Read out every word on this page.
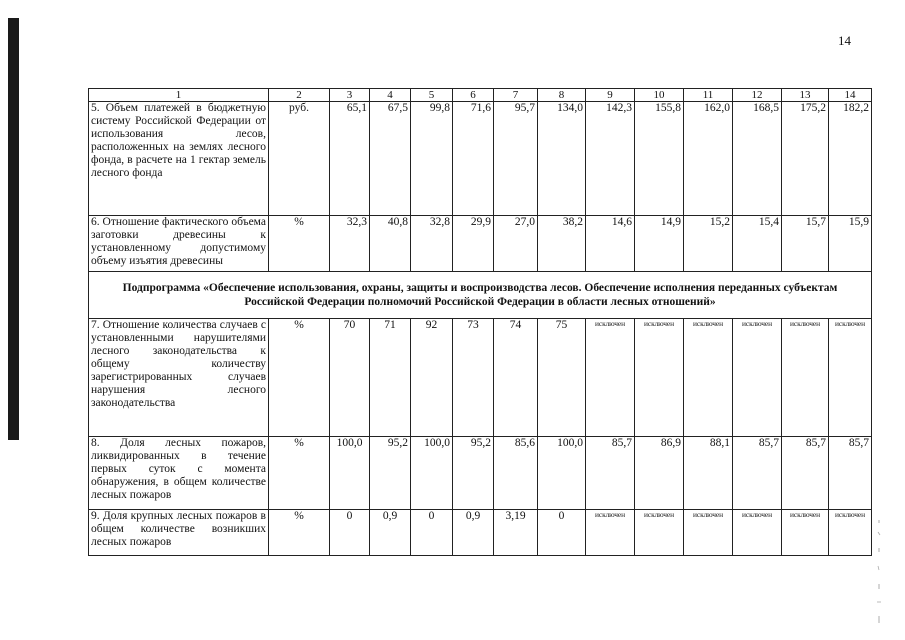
14
1	2	3	4	5	6	7	8	9	10	11	12	13	14
5. Объем платежей в бюджетную систему Российской Федерации от использования лесов, расположенных на землях лесного фонда, в расчете на 1 гектар земель лесного фонда	руб.	65,1	67,5	99,8	71,6	95,7	134,0	142,3	155,8	162,0	168,5	175,2	182,2
6. Отношение фактического объема заготовки древесины к установленному допустимому объему изъятия древесины	%	32,3	40,8	32,8	29,9	27,0	38,2	14,6	14,9	15,2	15,4	15,7	15,9
Подпрограмма «Обеспечение использования, охраны, защиты и воспроизводства лесов. Обеспечение исполнения переданных субъектам Российской Федерации полномочий Российской Федерации в области лесных отношений»													
7. Отношение количества случаев с установленными нарушителями лесного законодательства к общему количеству зарегистрированных случаев нарушения лесного законодательства	%	70	71	92	73	74	75	исключен	исключен	исключен	исключен	исключен	исключен
8. Доля лесных пожаров, ликвидированных в течение первых суток с момента обнаружения, в общем количестве лесных пожаров	%	100,0	95,2	100,0	95,2	85,6	100,0	85,7	86,9	88,1	85,7	85,7	85,7
9. Доля крупных лесных пожаров в общем количестве возникших лесных пожаров	%	0	0,9	0	0,9	3,19	0	исключен	исключен	исключен	исключен	исключен	исключен
